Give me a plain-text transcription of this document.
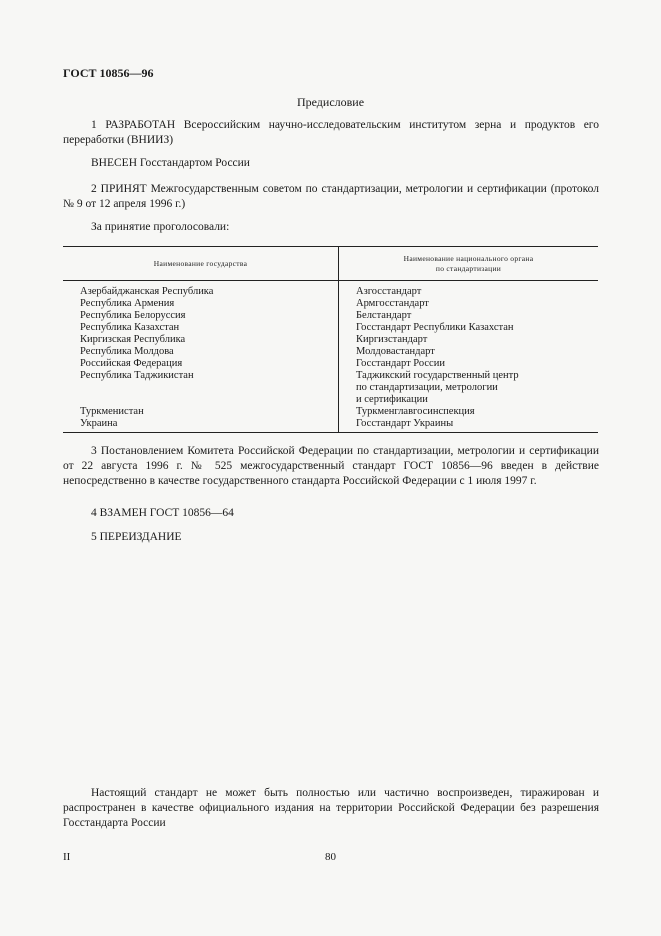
ГОСТ 10856—96
Предисловие
1 РАЗРАБОТАН Всероссийским научно-исследовательским институтом зерна и продуктов его переработки (ВНИИЗ)
ВНЕСЕН Госстандартом России
2 ПРИНЯТ Межгосударственным советом по стандартизации, метрологии и сертификации (протокол № 9 от 12 апреля 1996 г.)
За принятие проголосовали:
Наименование государства	Наименование национального органа
по стандартизации
Азербайджанская Республика	Азгосстандарт
Республика Армения	Армгосстандарт
Республика Белоруссия	Белстандарт
Республика Казахстан	Госстандарт Республики Казахстан
Киргизская Республика	Киргизстандарт
Республика Молдова	Молдовастандарт
Российская Федерация	Госстандарт России
Республика Таджикистан	Таджикский государственный центр
	по стандартизации, метрологии
	и сертификации
Туркменистан	Туркменглавгосинспекция
Украина	Госстандарт Украины
3 Постановлением Комитета Российской Федерации по стандартизации, метрологии и сертификации от 22 августа 1996 г. № 525 межгосударственный стандарт ГОСТ 10856—96 введен в действие непосредственно в качестве государственного стандарта Российской Федерации с 1 июля 1997 г.
4 ВЗАМЕН ГОСТ 10856—64
5 ПЕРЕИЗДАНИЕ
Настоящий стандарт не может быть полностью или частично воспроизведен, тиражирован и распространен в качестве официального издания на территории Российской Федерации без разрешения Госстандарта России
II	80
